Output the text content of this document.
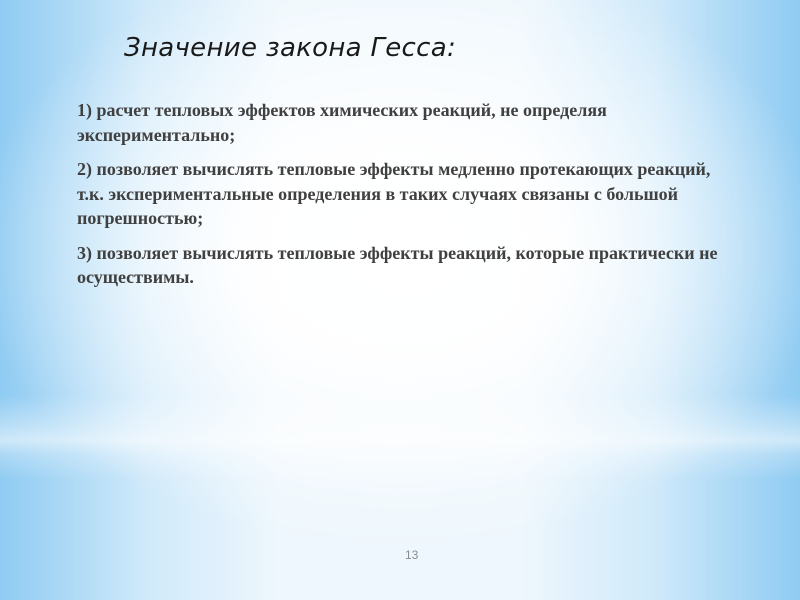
Значение закона Гесса:
1) расчет тепловых эффектов химических реакций, не определяя экспериментально;
2) позволяет вычислять тепловые эффекты медленно протекающих реакций, т.к. экспериментальные определения в таких случаях связаны с большой погрешностью;
3) позволяет вычислять тепловые эффекты реакций, которые практически не осуществимы.
13
